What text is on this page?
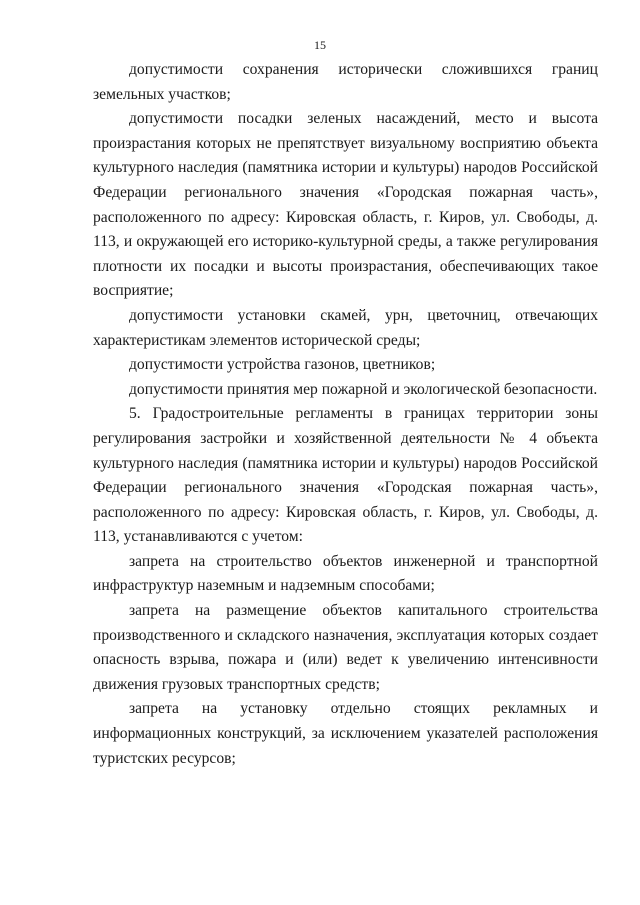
15

допустимости сохранения исторически сложившихся границ земельных участков;

допустимости посадки зеленых насаждений, место и высота произрастания которых не препятствует визуальному восприятию объекта культурного наследия (памятника истории и культуры) народов Российской Федерации регионального значения «Городская пожарная часть», расположенного по адресу: Кировская область, г. Киров, ул. Свободы, д. 113, и окружающей его историко-культурной среды, а также регулирования плотности их посадки и высоты произрастания, обеспечивающих такое восприятие;

допустимости установки скамей, урн, цветочниц, отвечающих характеристикам элементов исторической среды;

допустимости устройства газонов, цветников;

допустимости принятия мер пожарной и экологической безопасности.

5. Градостроительные регламенты в границах территории зоны регулирования застройки и хозяйственной деятельности № 4 объекта культурного наследия (памятника истории и культуры) народов Российской Федерации регионального значения «Городская пожарная часть», расположенного по адресу: Кировская область, г. Киров, ул. Свободы, д. 113, устанавливаются с учетом:

запрета на строительство объектов инженерной и транспортной инфраструктур наземным и надземным способами;

запрета на размещение объектов капитального строительства производственного и складского назначения, эксплуатация которых создает опасность взрыва, пожара и (или) ведет к увеличению интенсивности движения грузовых транспортных средств;

запрета на установку отдельно стоящих рекламных и информационных конструкций, за исключением указателей расположения туристских ресурсов;
